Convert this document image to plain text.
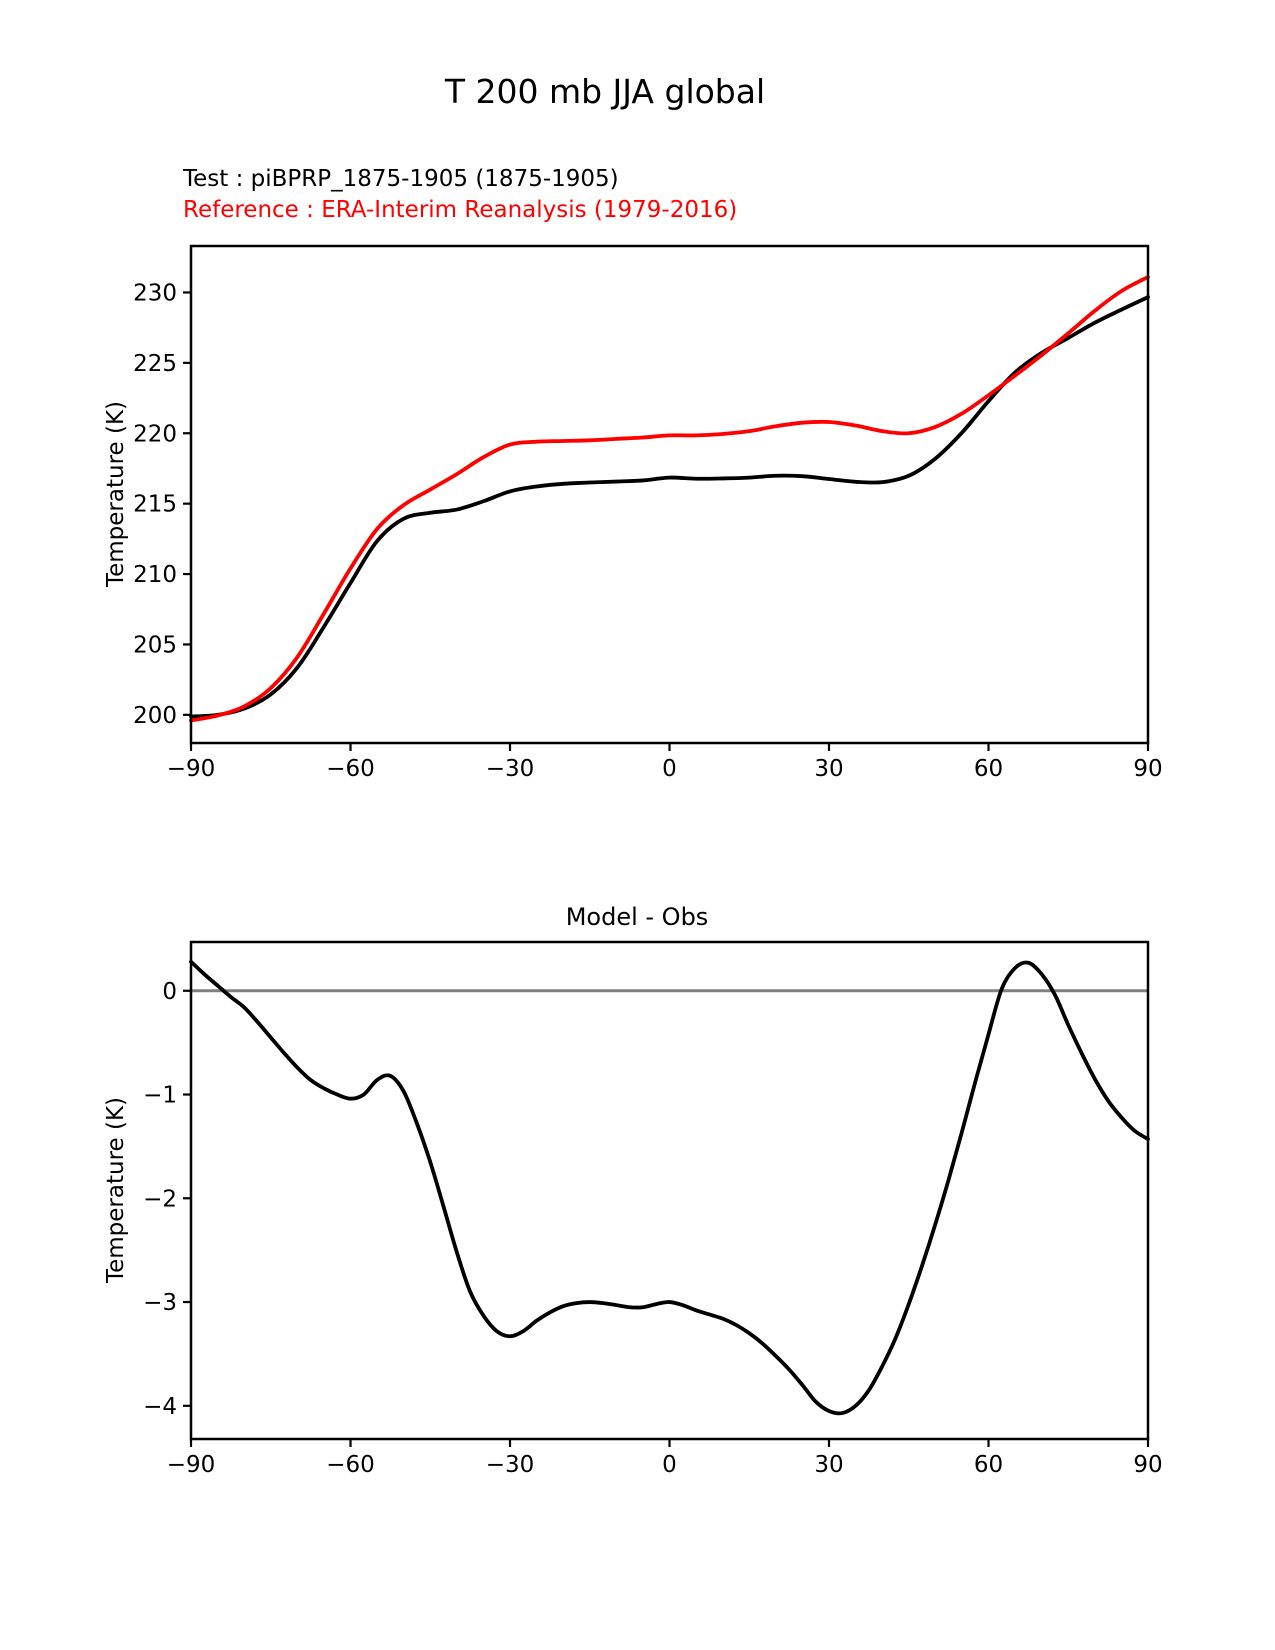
T 200 mb JJA global
Test : piBPRP_1875-1905 (1875-1905)
Reference : ERA-Interim Reanalysis (1979-2016)
Temperature (K)
Temperature (K)
Model - Obs
−90	−60	−30	0	30	60	90
200
205
210
215
220
225
230
−90	−60	−30	0	30	60	90
0
−1
−2
−3
−4
